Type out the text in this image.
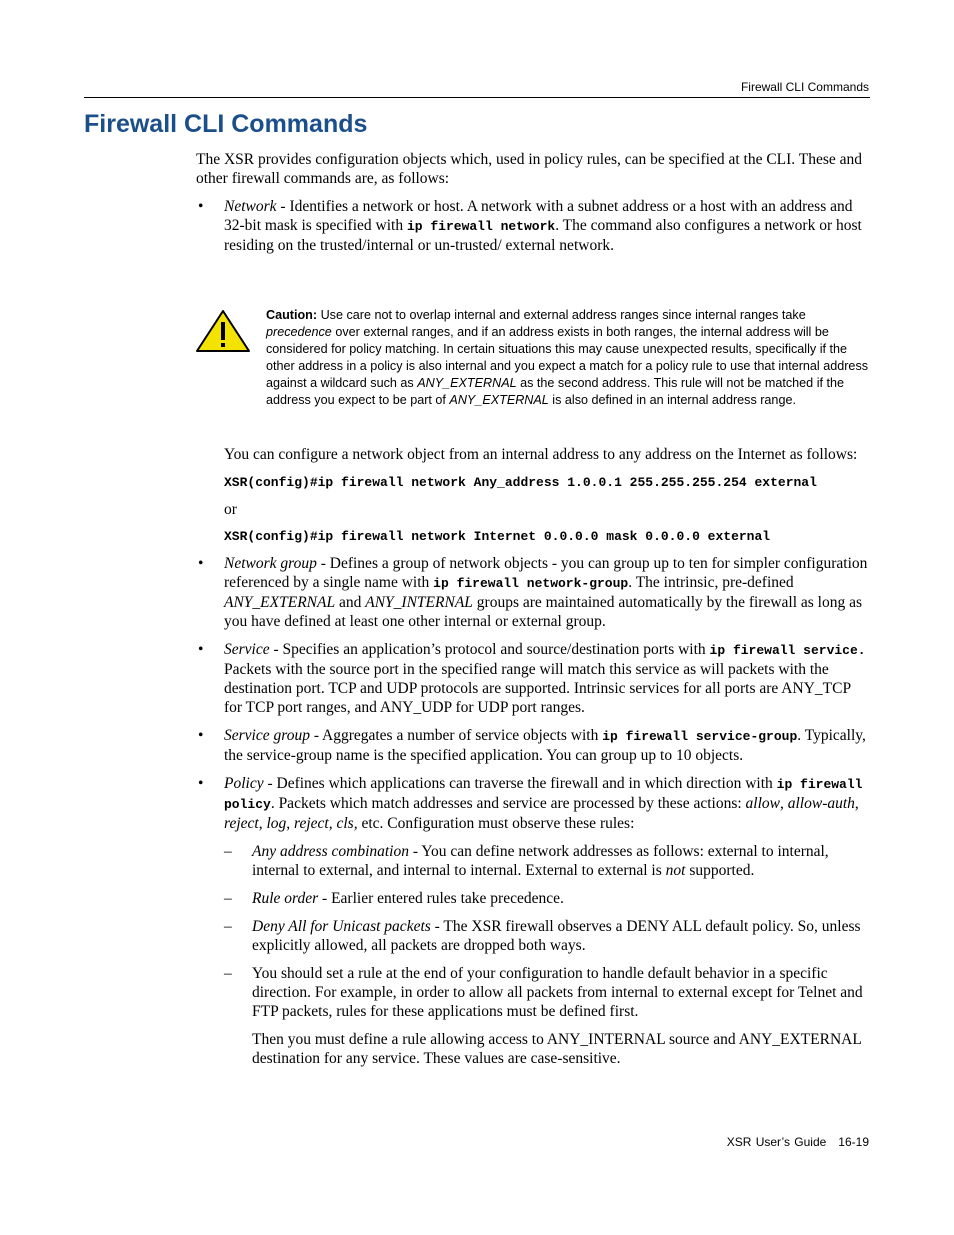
Firewall CLI Commands
Firewall CLI Commands

The XSR provides configuration objects which, used in policy rules, can be specified at the CLI. These and other firewall commands are, as follows:

• Network - Identifies a network or host. A network with a subnet address or a host with an address and 32-bit mask is specified with ip firewall network. The command also configures a network or host residing on the trusted/internal or un-trusted/ external network.
Caution: Use care not to overlap internal and external address ranges since internal ranges take precedence over external ranges, and if an address exists in both ranges, the internal address will be considered for policy matching. In certain situations this may cause unexpected results, specifically if the other address in a policy is also internal and you expect a match for a policy rule to use that internal address against a wildcard such as ANY_EXTERNAL as the second address. This rule will not be matched if the address you expect to be part of ANY_EXTERNAL is also defined in an internal address range.

You can configure a network object from an internal address to any address on the Internet as follows:

XSR(config)#ip firewall network Any_address 1.0.0.1 255.255.255.254 external
or
XSR(config)#ip firewall network Internet 0.0.0.0 mask 0.0.0.0 external
• Network group - Defines a group of network objects - you can group up to ten for simpler configuration referenced by a single name with ip firewall network-group. The intrinsic, pre-defined ANY_EXTERNAL and ANY_INTERNAL groups are maintained automatically by the firewall as long as you have defined at least one other internal or external group.
• Service - Specifies an application’s protocol and source/destination ports with ip firewall service. Packets with the source port in the specified range will match this service as will packets with the destination port. TCP and UDP protocols are supported. Intrinsic services for all ports are ANY_TCP for TCP port ranges, and ANY_UDP for UDP port ranges.
• Service group - Aggregates a number of service objects with ip firewall service-group. Typically, the service-group name is the specified application. You can group up to 10 objects.
• Policy - Defines which applications can traverse the firewall and in which direction with ip firewall policy. Packets which match addresses and service are processed by these actions: allow, allow-auth, reject, log, reject, cls, etc. Configuration must observe these rules:
– Any address combination - You can define network addresses as follows: external to internal, internal to external, and internal to internal. External to external is not supported.
– Rule order - Earlier entered rules take precedence.
– Deny All for Unicast packets - The XSR firewall observes a DENY ALL default policy. So, unless explicitly allowed, all packets are dropped both ways.
– You should set a rule at the end of your configuration to handle default behavior in a specific direction. For example, in order to allow all packets from internal to external except for Telnet and FTP packets, rules for these applications must be defined first.

Then you must define a rule allowing access to ANY_INTERNAL source and ANY_EXTERNAL destination for any service. These values are case-sensitive.

XSR User’s Guide 16-19
